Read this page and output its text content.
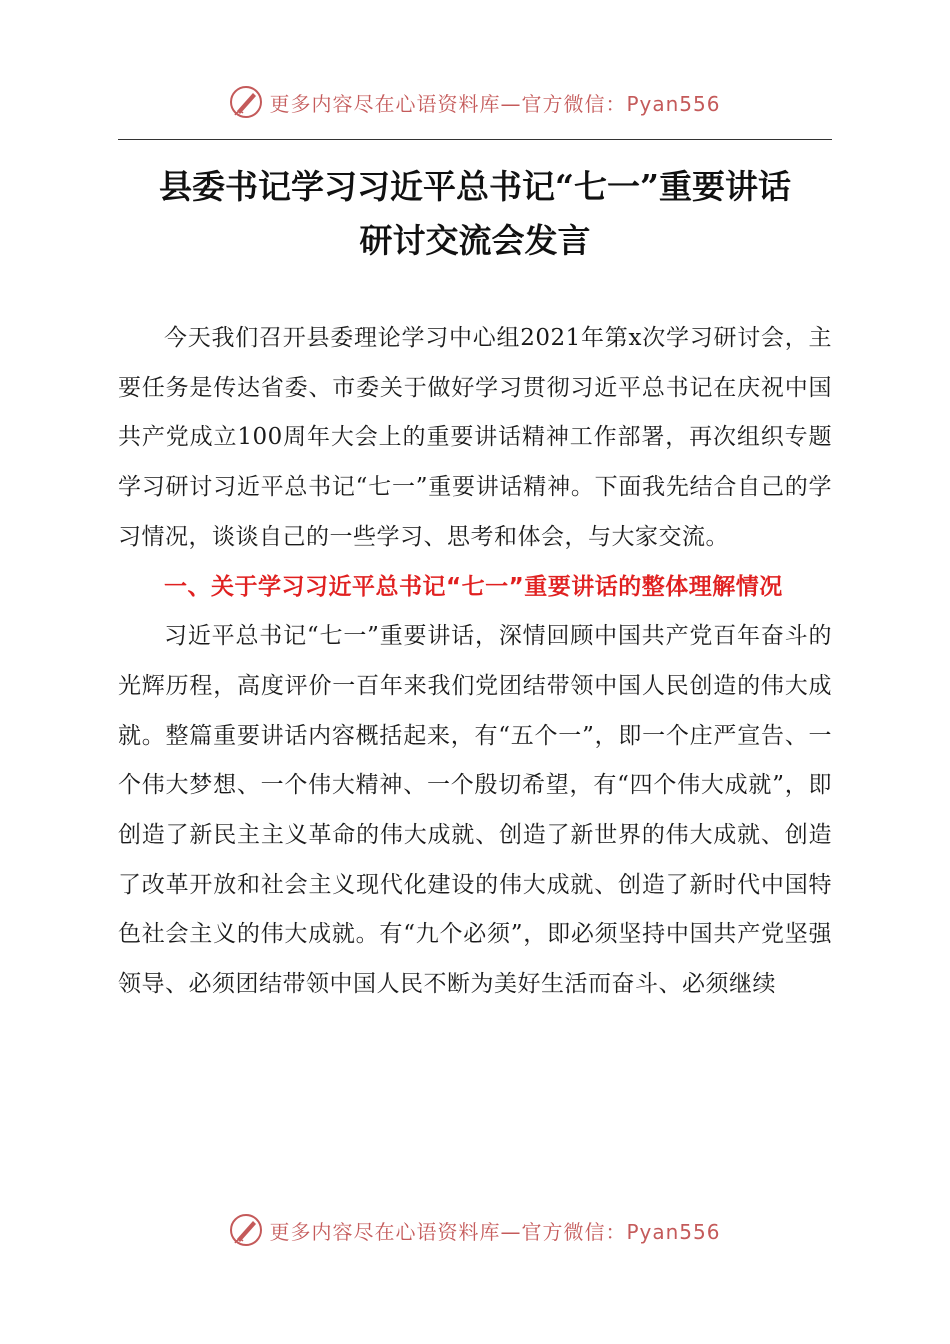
更多内容尽在心语资料库—官方微信：Pyan556
县委书记学习习近平总书记“七一”重要讲话
研讨交流会发言

今天我们召开县委理论学习中心组2021年第x次学习研讨会，主要任务是传达省委、市委关于做好学习贯彻习近平总书记在庆祝中国共产党成立100周年大会上的重要讲话精神工作部署，再次组织专题学习研讨习近平总书记“七一”重要讲话精神。下面我先结合自己的学习情况，谈谈自己的一些学习、思考和体会，与大家交流。

一、关于学习习近平总书记“七一”重要讲话的整体理解情况

习近平总书记“七一”重要讲话，深情回顾中国共产党百年奋斗的光辉历程，高度评价一百年来我们党团结带领中国人民创造的伟大成就。整篇重要讲话内容概括起来，有“五个一”，即一个庄严宣告、一个伟大梦想、一个伟大精神、一个殷切希望，有“四个伟大成就”，即创造了新民主主义革命的伟大成就、创造了新世界的伟大成就、创造了改革开放和社会主义现代化建设的伟大成就、创造了新时代中国特色社会主义的伟大成就。有“九个必须”，即必须坚持中国共产党坚强领导、必须团结带领中国人民不断为美好生活而奋斗、必须继续

更多内容尽在心语资料库—官方微信：Pyan556
